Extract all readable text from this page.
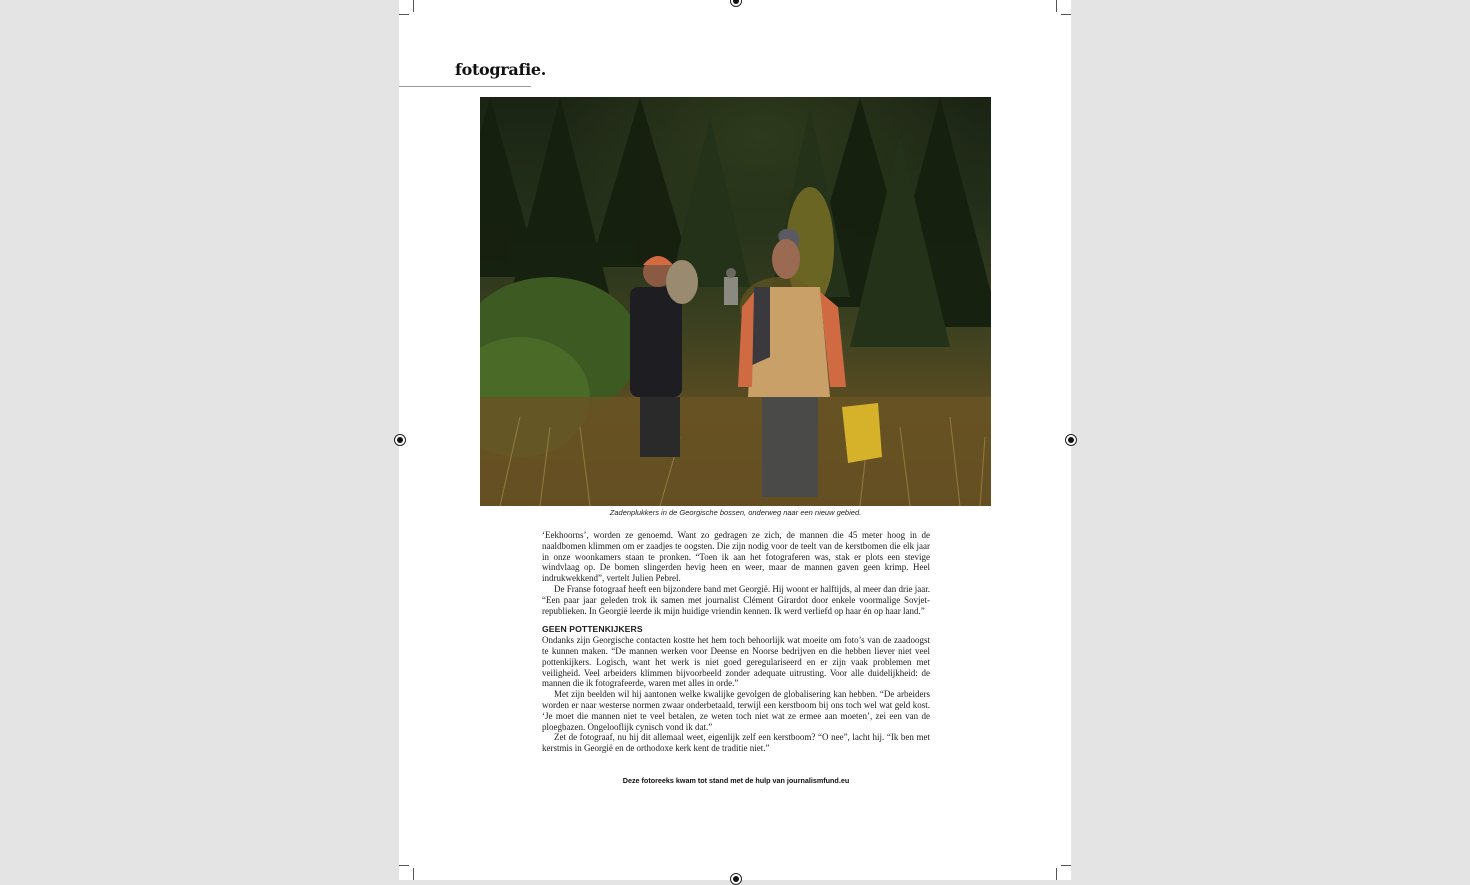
fotografie.
Zadenplukkers in de Georgische bossen, onderweg naar een nieuw gebied.

‘Eekhoorns’, worden ze genoemd. Want zo gedragen ze zich, de mannen die 45 meter hoog in de naaldbomen klimmen om er zaadjes te oogsten. Die zijn nodig voor de teelt van de kerstbomen die elk jaar in onze woonkamers staan te pronken. “Toen ik aan het fotograferen was, stak er plots een stevige windvlaag op. De bomen slingerden hevig heen en weer, maar de mannen gaven geen krimp. Heel indrukwekkend”, vertelt Julien Pebrel.

De Franse fotograaf heeft een bijzondere band met Georgië. Hij woont er halftijds, al meer dan drie jaar. “Een paar jaar geleden trok ik samen met journalist Clément Girardot door enkele voormalige Sovjet-republieken. In Georgië leerde ik mijn huidige vriendin kennen. Ik werd verliefd op haar én op haar land.”

GEEN POTTENKIJKERS

Ondanks zijn Georgische contacten kostte het hem toch behoorlijk wat moeite om foto’s van de zaadoogst te kunnen maken. “De mannen werken voor Deense en Noorse bedrijven en die hebben liever niet veel pottenkijkers. Logisch, want het werk is niet goed geregulariseerd en er zijn vaak problemen met veiligheid. Veel arbeiders klimmen bijvoorbeeld zonder adequate uitrusting. Voor alle duidelijkheid: de mannen die ik fotografeerde, waren met alles in orde.”

Met zijn beelden wil hij aantonen welke kwalijke gevolgen de globalisering kan hebben. “De arbeiders worden er naar westerse normen zwaar onderbetaald, terwijl een kerstboom bij ons toch wel wat geld kost. ‘Je moet die mannen niet te veel betalen, ze weten toch niet wat ze ermee aan moeten’, zei een van de ploegbazen. Ongelooflijk cynisch vond ik dat.”

Zet de fotograaf, nu hij dit allemaal weet, eigenlijk zelf een kerstboom? “O nee”, lacht hij. “Ik ben met kerstmis in Georgië en de orthodoxe kerk kent de traditie niet.”

Deze fotoreeks kwam tot stand met de hulp van journalismfund.eu
